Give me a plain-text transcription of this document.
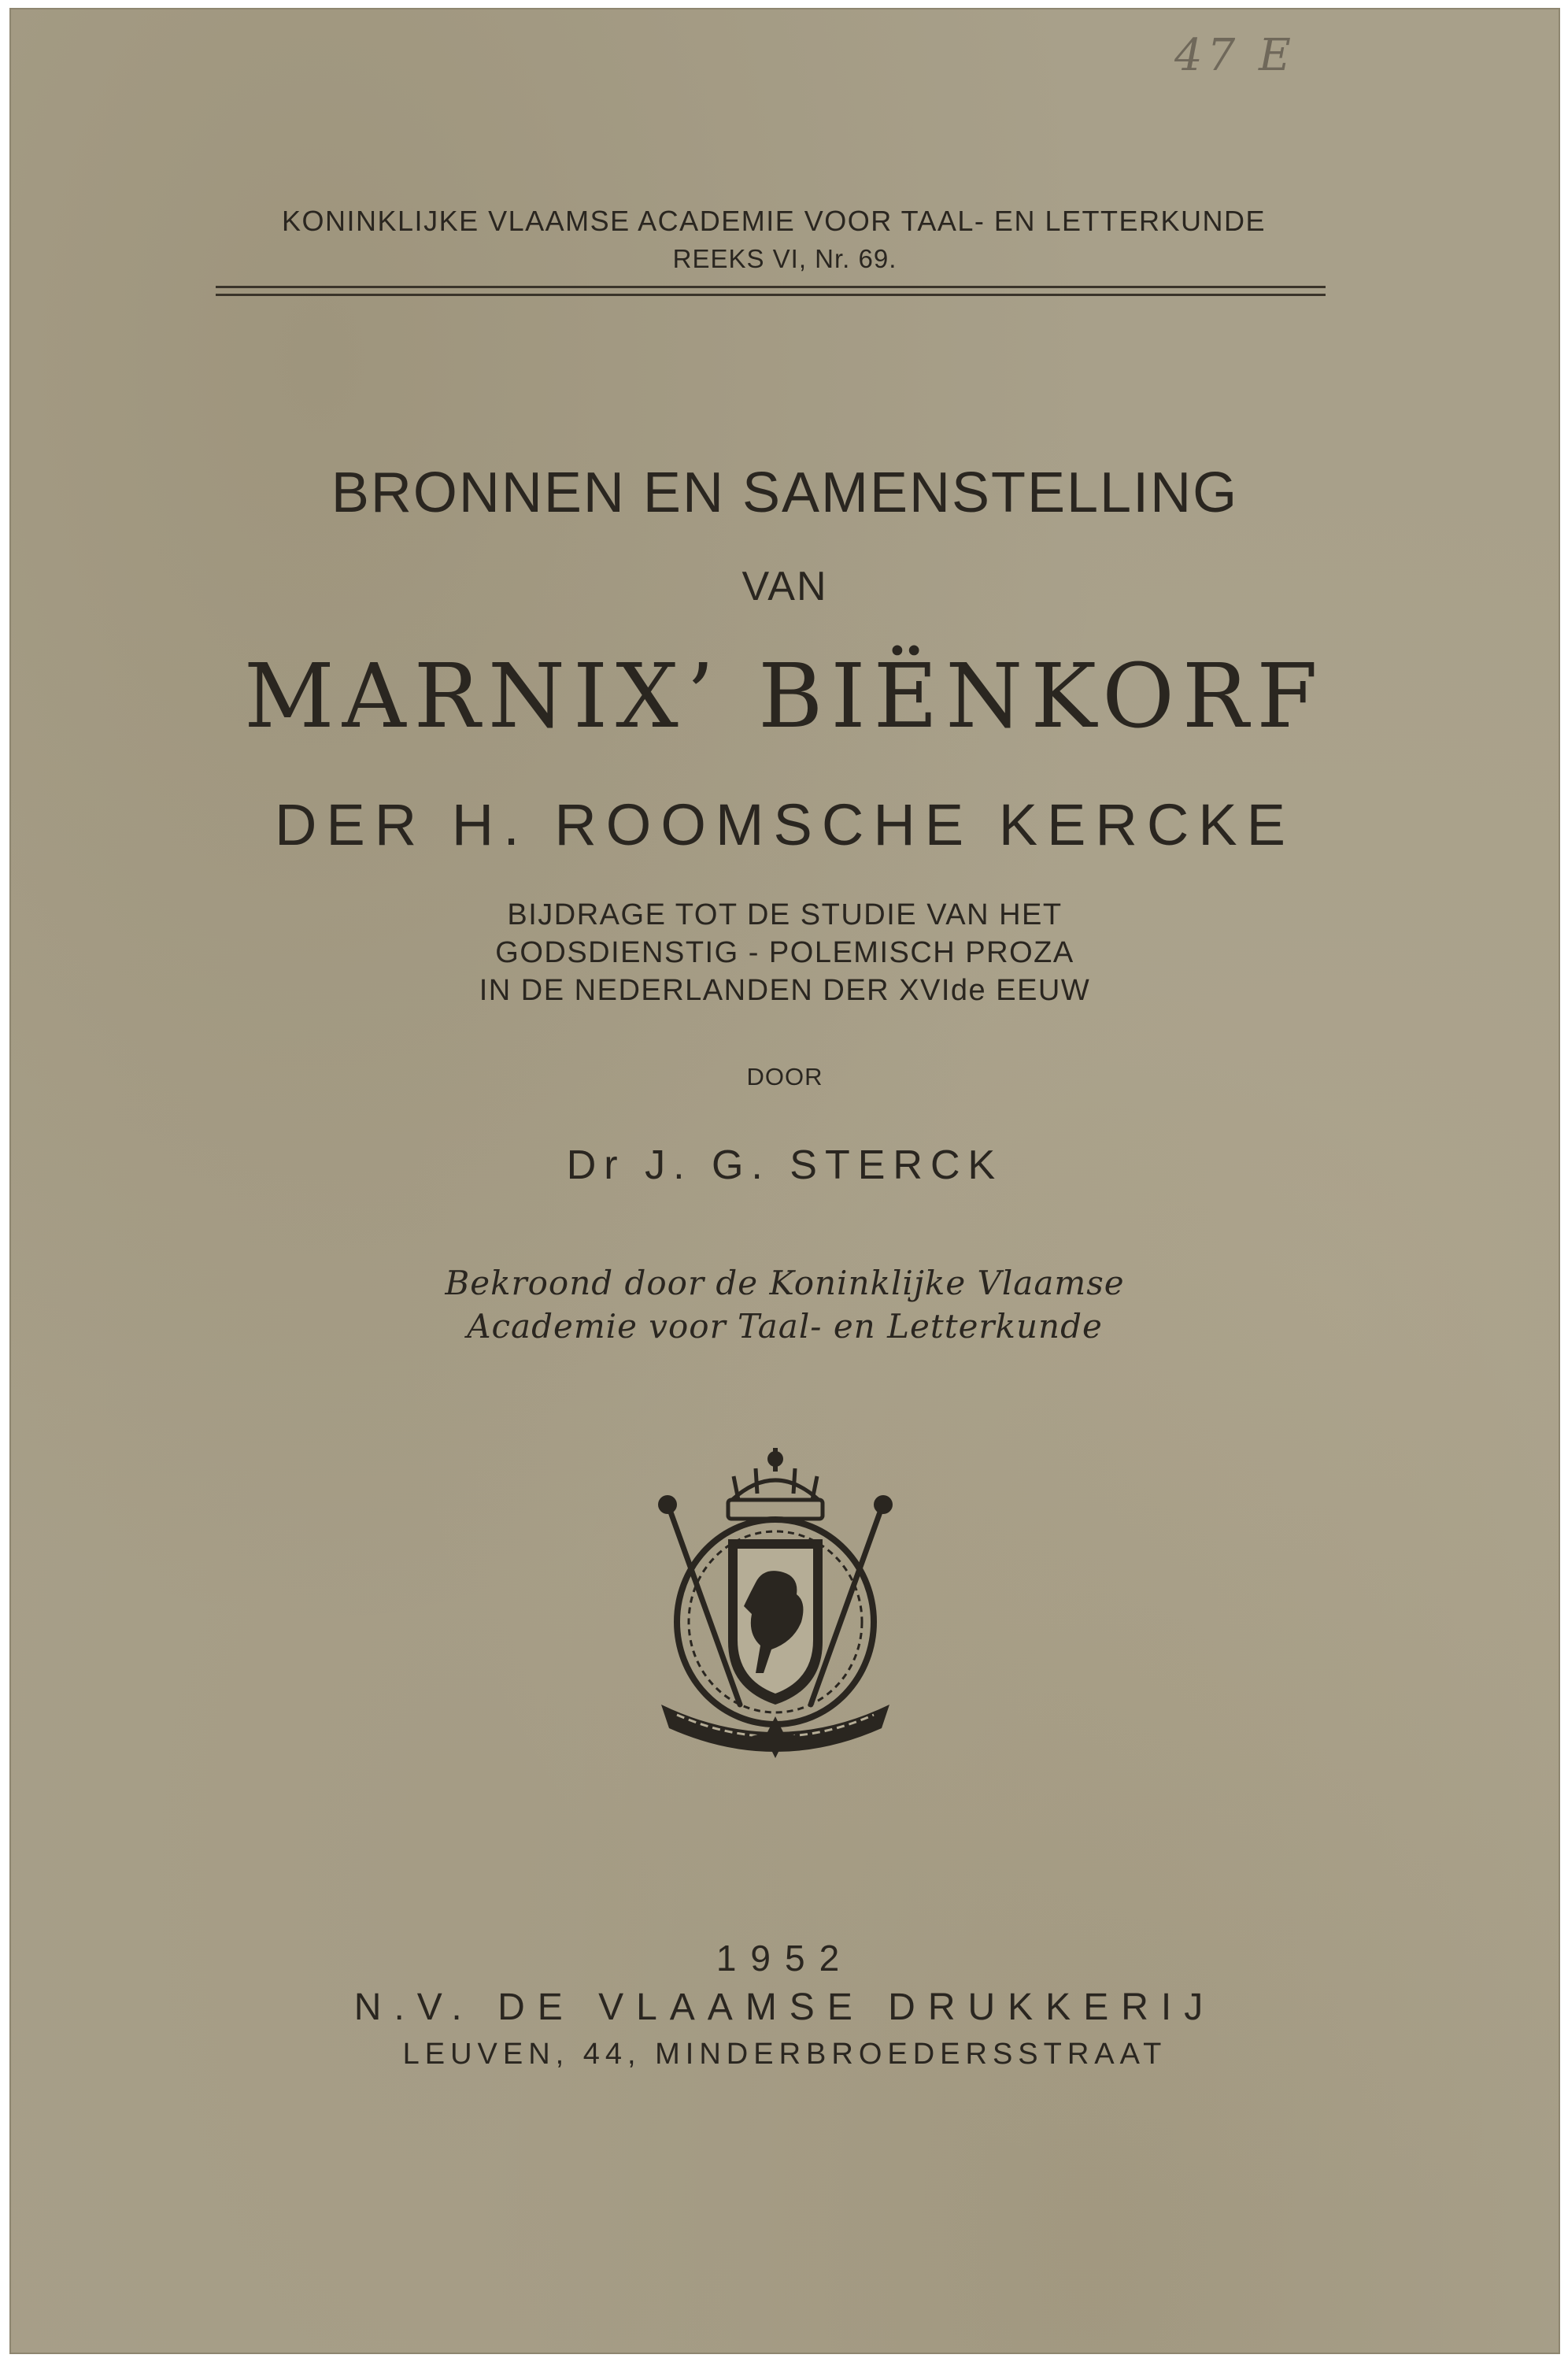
47 E
KONINKLIJKE VLAAMSE ACADEMIE VOOR TAAL- EN LETTERKUNDE
REEKS VI, Nr. 69.
BRONNEN EN SAMENSTELLING
VAN
MARNIX’ BIËNKORF
DER H. ROOMSCHE KERCKE
BIJDRAGE TOT DE STUDIE VAN HET
GODSDIENSTIG - POLEMISCH PROZA
IN DE NEDERLANDEN DER XVIde EEUW
DOOR
Dr J. G. STERCK
Bekroond door de Koninklijke Vlaamse
Academie voor Taal- en Letterkunde
1952
N.V. DE VLAAMSE DRUKKERIJ
LEUVEN, 44, MINDERBROEDERSSTRAAT
